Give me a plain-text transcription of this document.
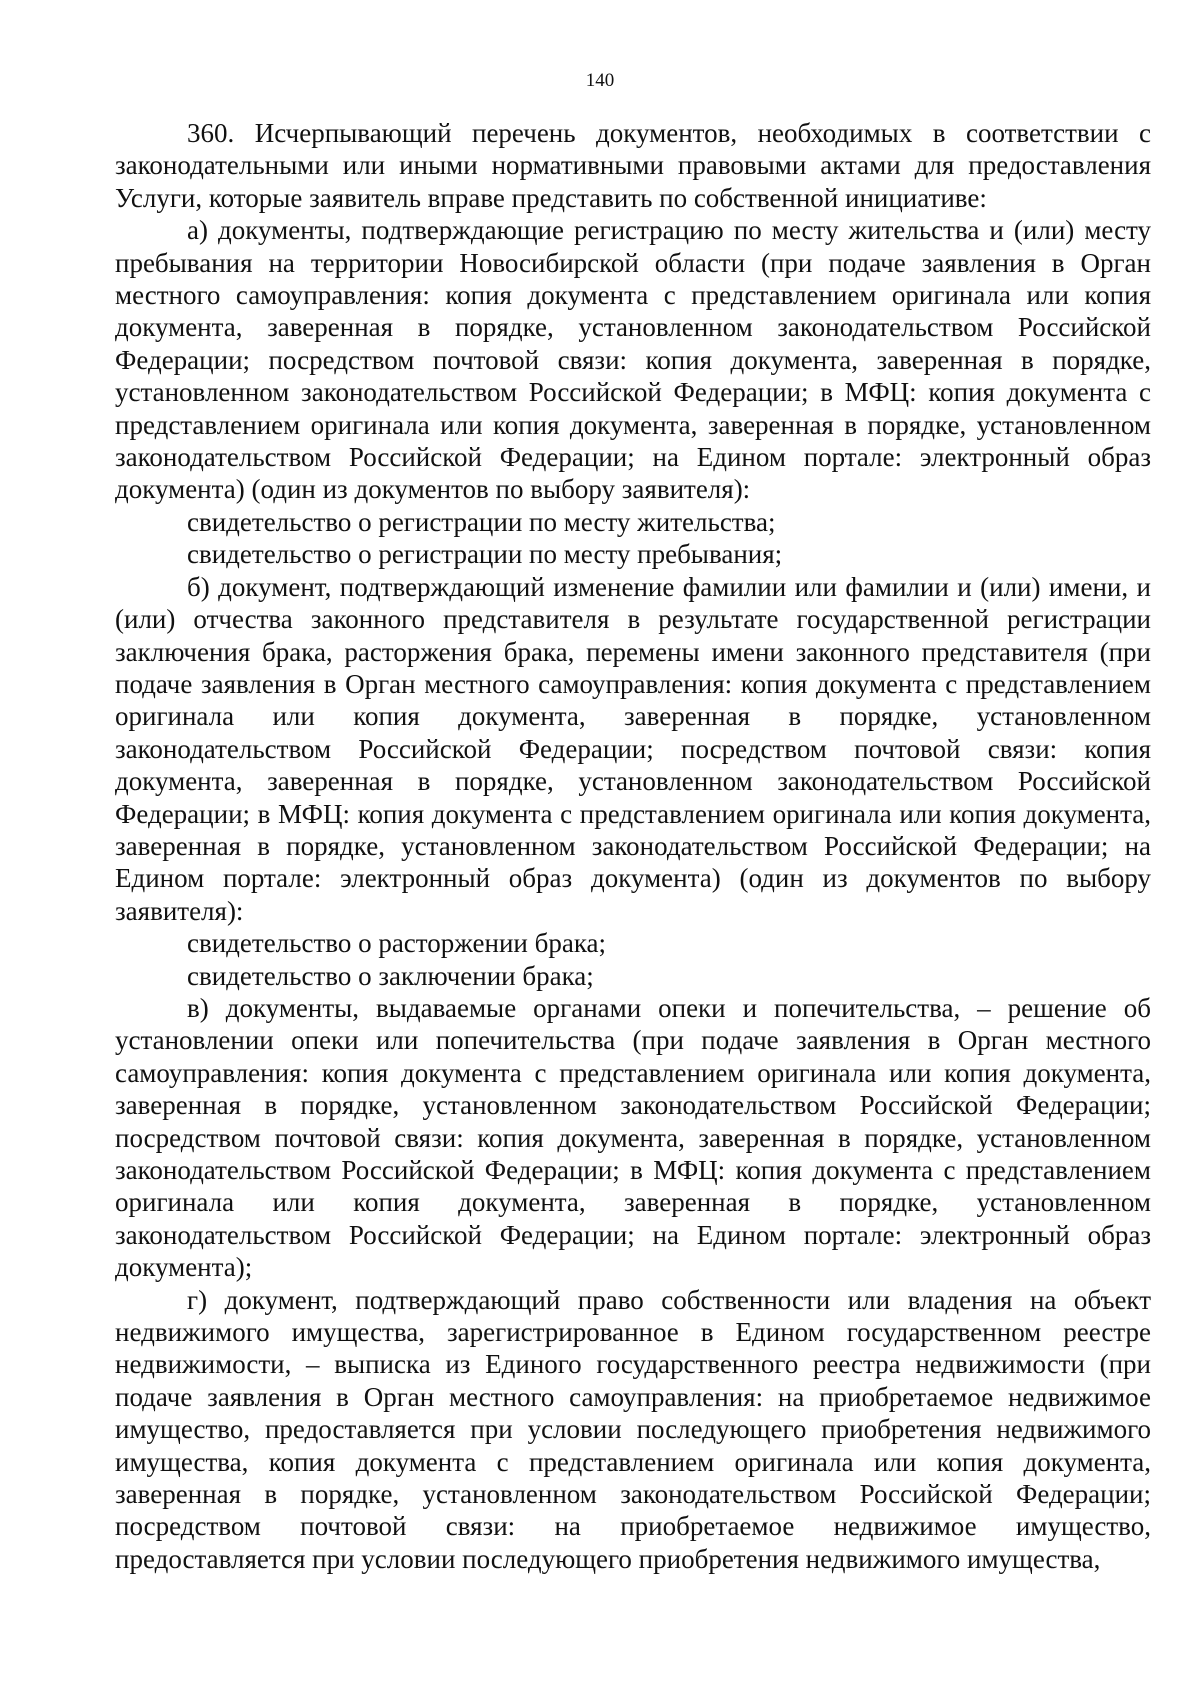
140

360. Исчерпывающий перечень документов, необходимых в соответствии с законодательными или иными нормативными правовыми актами для предоставления Услуги, которые заявитель вправе представить по собственной инициативе:

а) документы, подтверждающие регистрацию по месту жительства и (или) месту пребывания на территории Новосибирской области (при подаче заявления в Орган местного самоуправления: копия документа с представлением оригинала или копия документа, заверенная в порядке, установленном законодательством Российской Федерации; посредством почтовой связи: копия документа, заверенная в порядке, установленном законодательством Российской Федерации; в МФЦ: копия документа с представлением оригинала или копия документа, заверенная в порядке, установленном законодательством Российской Федерации; на Едином портале: электронный образ документа) (один из документов по выбору заявителя):

свидетельство о регистрации по месту жительства;

свидетельство о регистрации по месту пребывания;

б) документ, подтверждающий изменение фамилии или фамилии и (или) имени, и (или) отчества законного представителя в результате государственной регистрации заключения брака, расторжения брака, перемены имени законного представителя (при подаче заявления в Орган местного самоуправления: копия документа с представлением оригинала или копия документа, заверенная в порядке, установленном законодательством Российской Федерации; посредством почтовой связи: копия документа, заверенная в порядке, установленном законодательством Российской Федерации; в МФЦ: копия документа с представлением оригинала или копия документа, заверенная в порядке, установленном законодательством Российской Федерации; на Едином портале: электронный образ документа) (один из документов по выбору заявителя):

свидетельство о расторжении брака;

свидетельство о заключении брака;

в) документы, выдаваемые органами опеки и попечительства, – решение об установлении опеки или попечительства (при подаче заявления в Орган местного самоуправления: копия документа с представлением оригинала или копия документа, заверенная в порядке, установленном законодательством Российской Федерации; посредством почтовой связи: копия документа, заверенная в порядке, установленном законодательством Российской Федерации; в МФЦ: копия документа с представлением оригинала или копия документа, заверенная в порядке, установленном законодательством Российской Федерации; на Едином портале: электронный образ документа);

г) документ, подтверждающий право собственности или владения на объект недвижимого имущества, зарегистрированное в Едином государственном реестре недвижимости, – выписка из Единого государственного реестра недвижимости (при подаче заявления в Орган местного самоуправления: на приобретаемое недвижимое имущество, предоставляется при условии последующего приобретения недвижимого имущества, копия документа с представлением оригинала или копия документа, заверенная в порядке, установленном законодательством Российской Федерации; посредством почтовой связи: на приобретаемое недвижимое имущество, предоставляется при условии последующего приобретения недвижимого имущества,
